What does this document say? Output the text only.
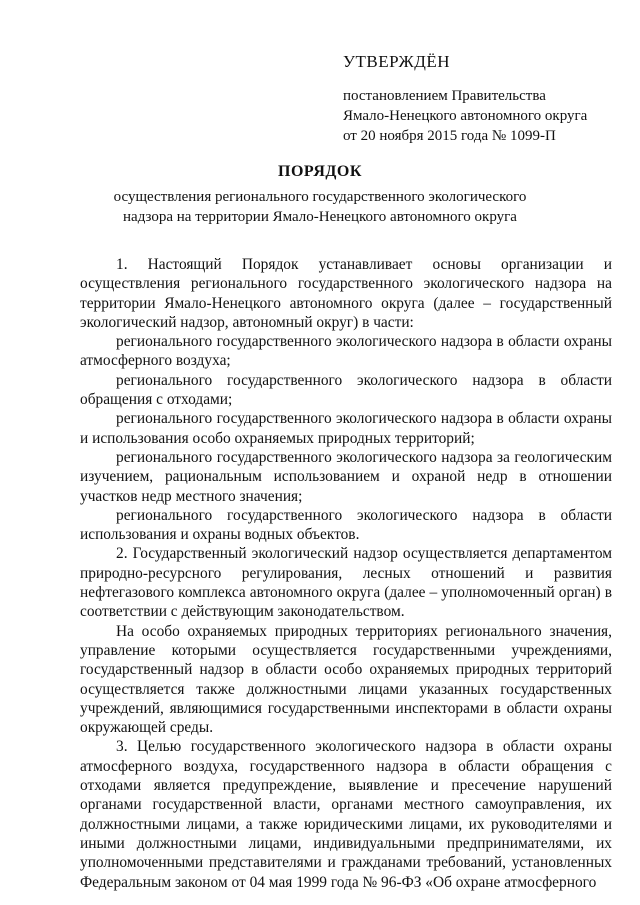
УТВЕРЖДЁН
постановлением Правительства
Ямало-Ненецкого автономного округа
от 20 ноября 2015 года № 1099-П
ПОРЯДОК
осуществления регионального государственного экологического
надзора на территории Ямало-Ненецкого автономного округа

1. Настоящий Порядок устанавливает основы организации и осуществления регионального государственного экологического надзора на территории Ямало-Ненецкого автономного округа (далее – государственный экологический надзор, автономный округ) в части:

регионального государственного экологического надзора в области охраны атмосферного воздуха;

регионального государственного экологического надзора в области обращения с отходами;

регионального государственного экологического надзора в области охраны и использования особо охраняемых природных территорий;

регионального государственного экологического надзора за геологическим изучением, рациональным использованием и охраной недр в отношении участков недр местного значения;

регионального государственного экологического надзора в области использования и охраны водных объектов.

2. Государственный экологический надзор осуществляется департаментом природно-ресурсного регулирования, лесных отношений и развития нефтегазового комплекса автономного округа (далее – уполномоченный орган) в соответствии с действующим законодательством.

На особо охраняемых природных территориях регионального значения, управление которыми осуществляется государственными учреждениями, государственный надзор в области особо охраняемых природных территорий осуществляется также должностными лицами указанных государственных учреждений, являющимися государственными инспекторами в области охраны окружающей среды.

3. Целью государственного экологического надзора в области охраны атмосферного воздуха, государственного надзора в области обращения с отходами является предупреждение, выявление и пресечение нарушений органами государственной власти, органами местного самоуправления, их должностными лицами, а также юридическими лицами, их руководителями и иными должностными лицами, индивидуальными предпринимателями, их уполномоченными представителями и гражданами требований, установленных Федеральным законом от 04 мая 1999 года № 96-ФЗ «Об охране атмосферного
